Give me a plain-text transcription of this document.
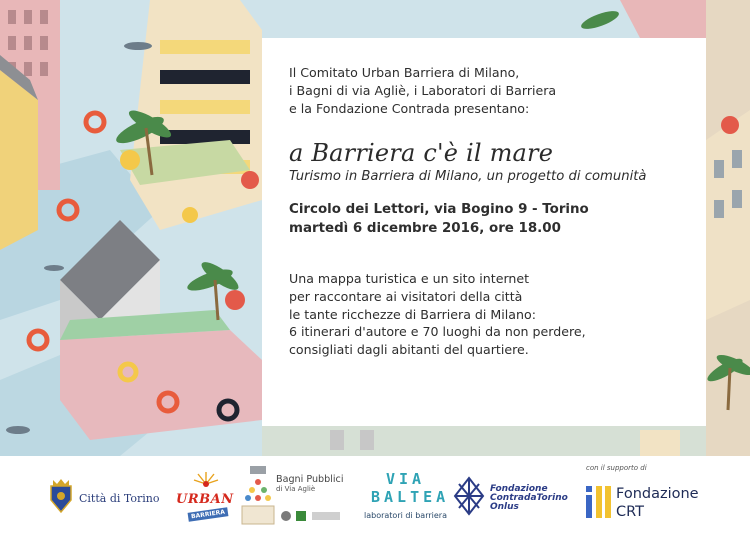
Il Comitato Urban Barriera di Milano,
i Bagni di via Agliè, i Laboratori di Barriera
e la Fondazione Contrada presentano:
a Barriera c'è il mare
Turismo in Barriera di Milano, un progetto di comunità
Circolo dei Lettori, via Bogino 9 - Torino
martedì 6 dicembre 2016, ore 18.00
Una mappa turistica e un sito internet
per raccontare ai visitatori della città
le tante ricchezze di Barriera di Milano:
6 itinerari d'autore e 70 luoghi da non perdere,
consigliati dagli abitanti del quartiere.
Città di Torino URBAN
BARRIERA
Bagni Pubblici
di Via Agliè
VIA
BALTEA
laboratori di barriera
Fondazione
ContradaTorino
Onlus
con il supporto di
Fondazione
CRT
